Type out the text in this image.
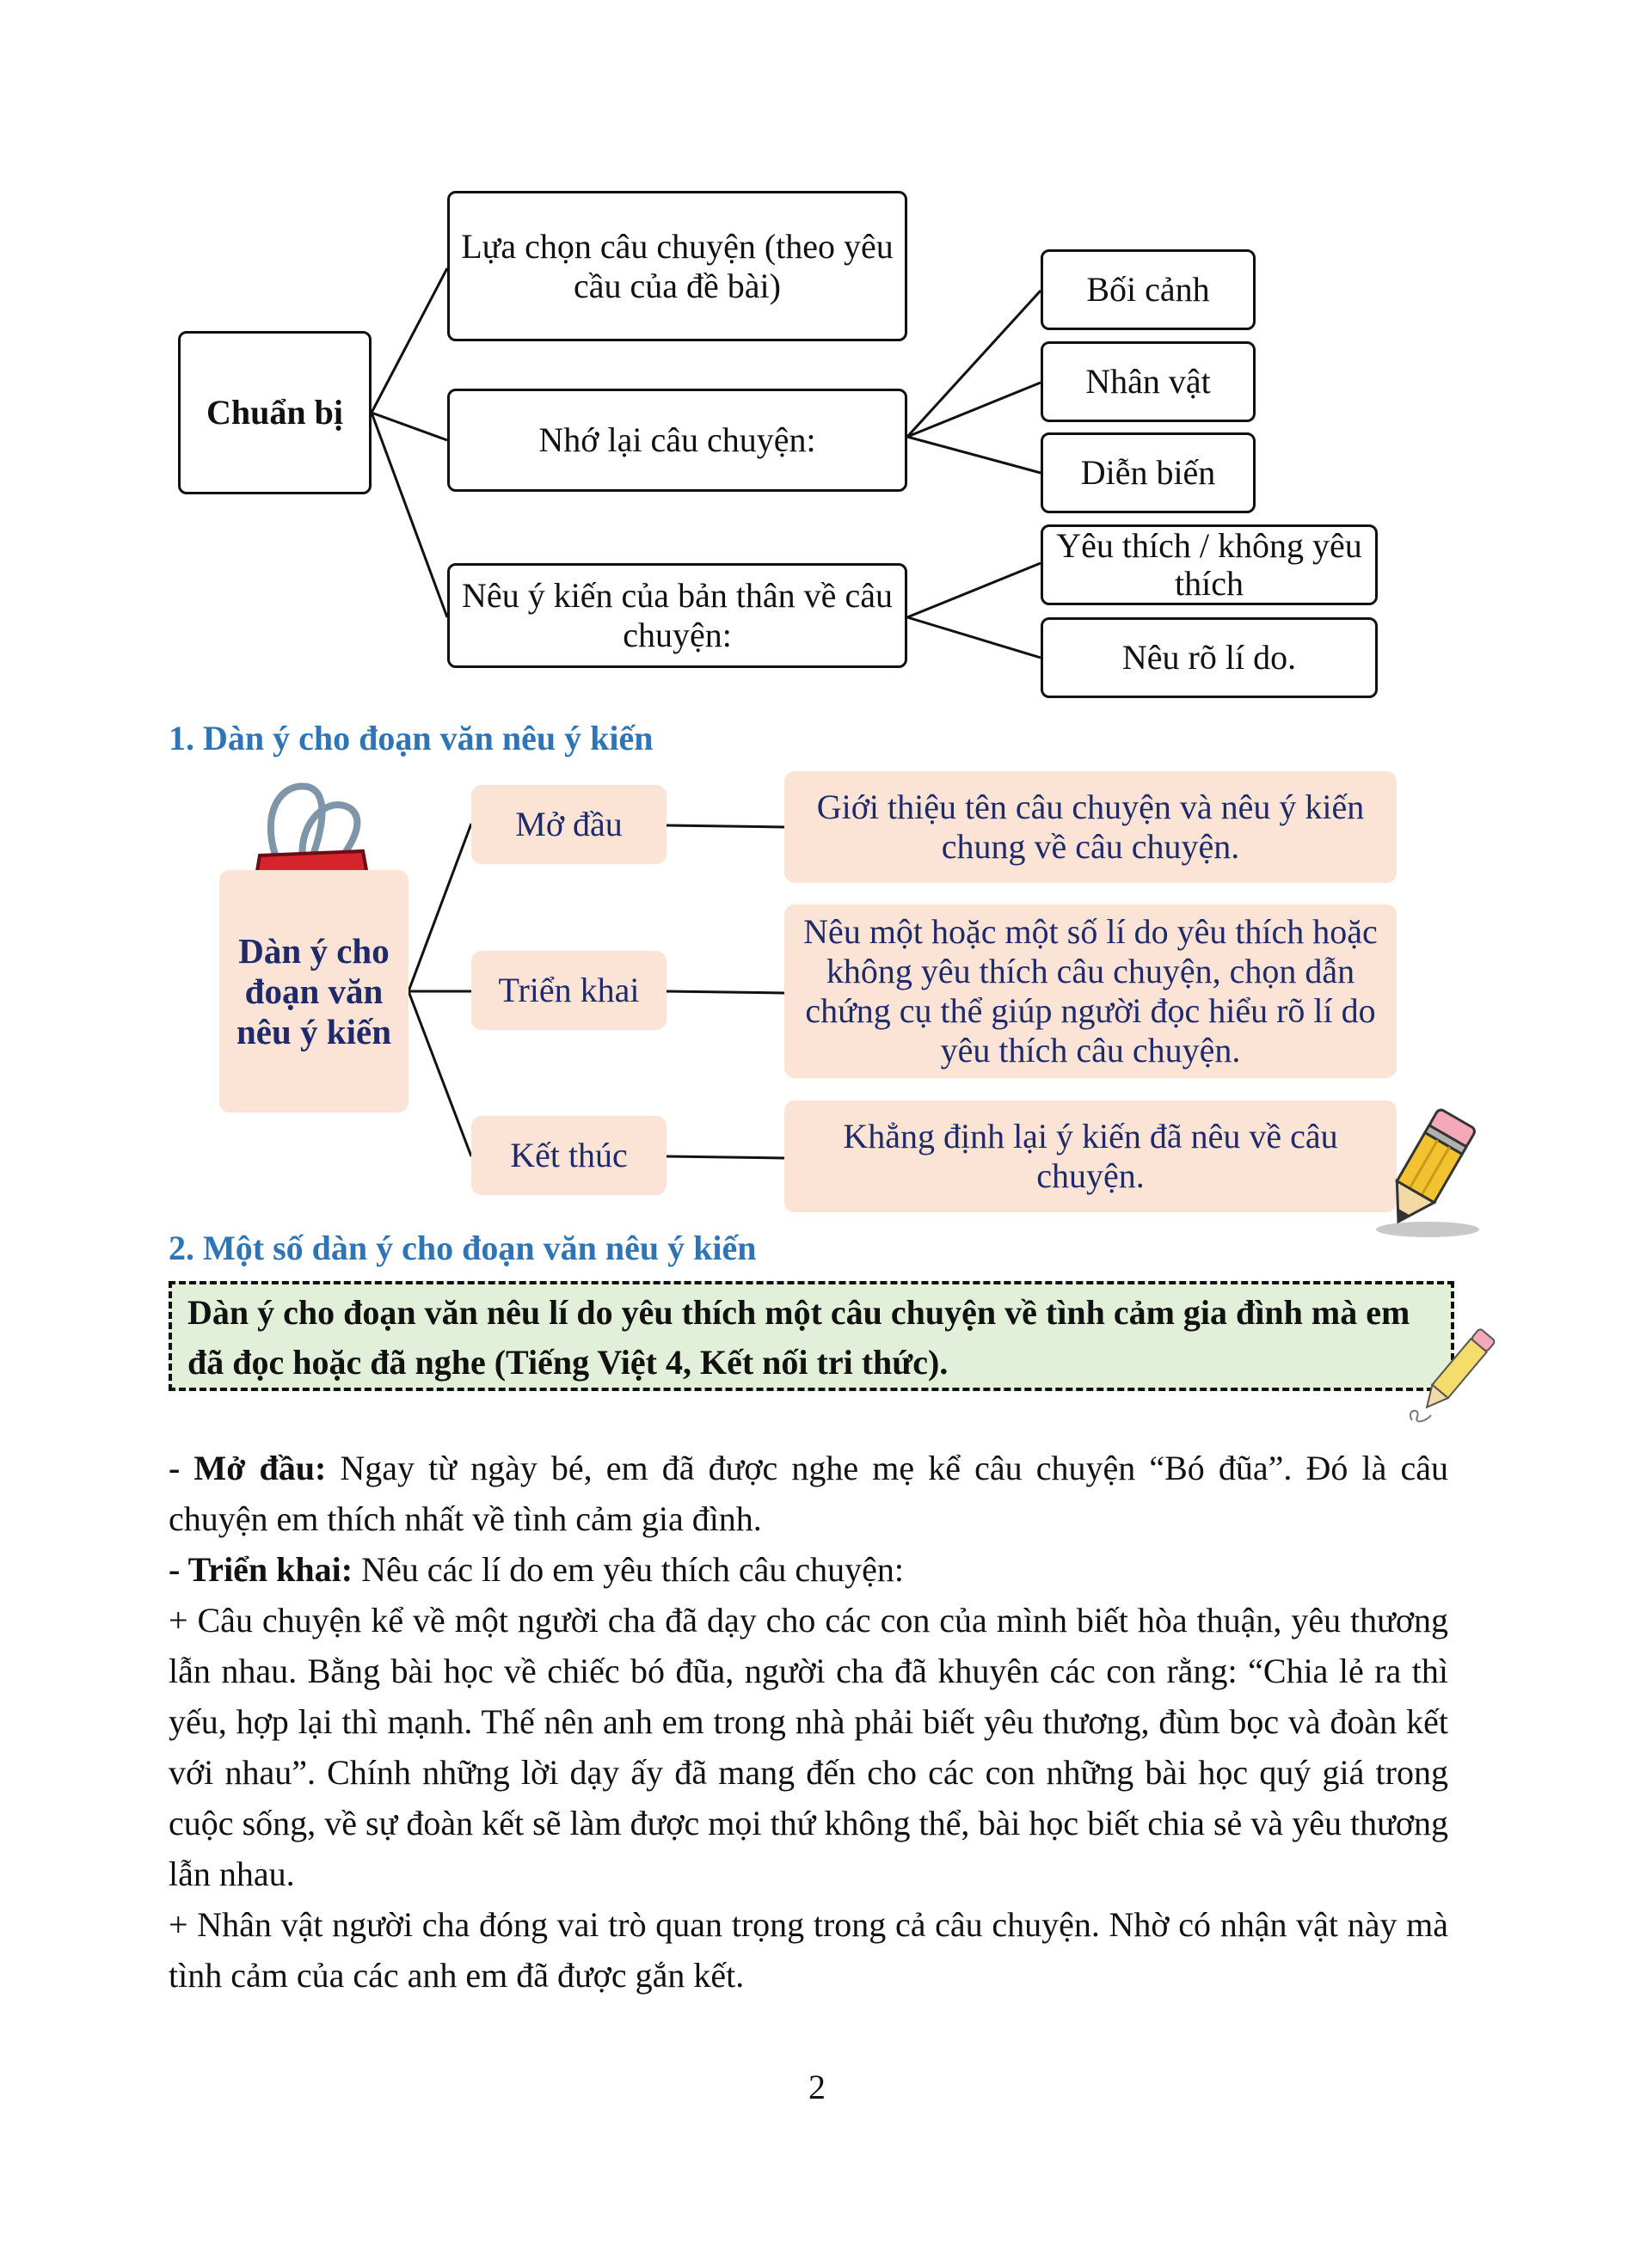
Chuẩn bị
Lựa chọn câu chuyện (theo yêu cầu của đề bài)
Nhớ lại câu chuyện:
Nêu ý kiến của bản thân về câu chuyện:
Bối cảnh
Nhân vật
Diễn biến
Yêu thích / không yêu thích
Nêu rõ lí do.
1. Dàn ý cho đoạn văn nêu ý kiến
Dàn ý cho đoạn văn nêu ý kiến
Mở đầu
Triển khai
Kết thúc
Giới thiệu tên câu chuyện và nêu ý kiến chung về câu chuyện.
Nêu một hoặc một số lí do yêu thích hoặc không yêu thích câu chuyện, chọn dẫn chứng cụ thể giúp người đọc hiểu rõ lí do yêu thích câu chuyện.
Khẳng định lại ý kiến đã nêu về câu chuyện.
2. Một số dàn ý cho đoạn văn nêu ý kiến
Dàn ý cho đoạn văn nêu lí do yêu thích một câu chuyện về tình cảm gia đình mà em đã đọc hoặc đã nghe (Tiếng Việt 4, Kết nối tri thức).

- Mở đầu: Ngay từ ngày bé, em đã được nghe mẹ kể câu chuyện “Bó đũa”. Đó là câu chuyện em thích nhất về tình cảm gia đình.

- Triển khai: Nêu các lí do em yêu thích câu chuyện:

+ Câu chuyện kể về một người cha đã dạy cho các con của mình biết hòa thuận, yêu thương lẫn nhau. Bằng bài học về chiếc bó đũa, người cha đã khuyên các con rằng: “Chia lẻ ra thì yếu, hợp lại thì mạnh. Thế nên anh em trong nhà phải biết yêu thương, đùm bọc và đoàn kết với nhau”. Chính những lời dạy ấy đã mang đến cho các con những bài học quý giá trong cuộc sống, về sự đoàn kết sẽ làm được mọi thứ không thể, bài học biết chia sẻ và yêu thương lẫn nhau.

+ Nhân vật người cha đóng vai trò quan trọng trong cả câu chuyện. Nhờ có nhận vật này mà tình cảm của các anh em đã được gắn kết.

2
